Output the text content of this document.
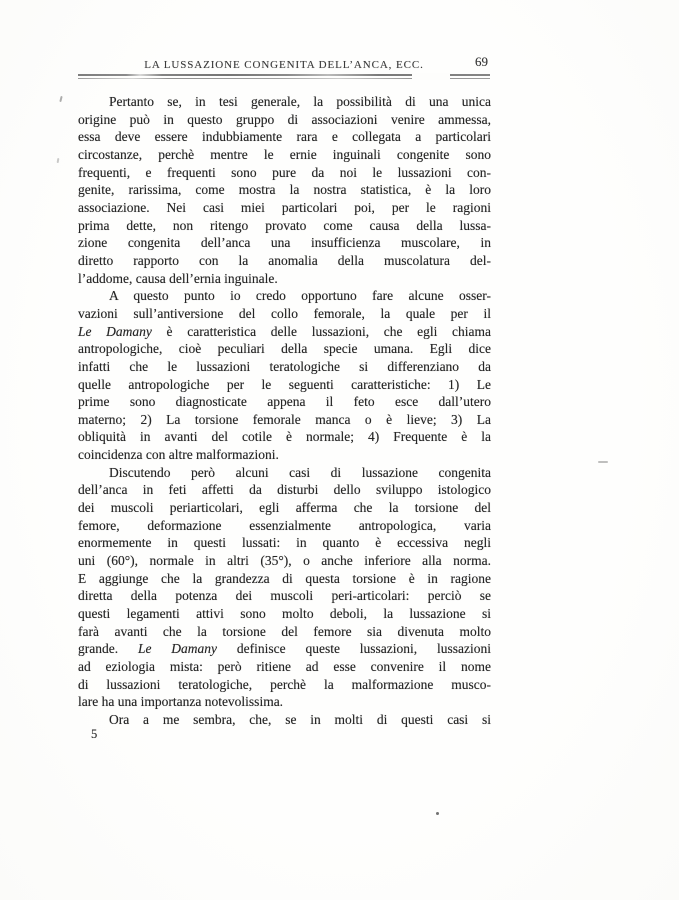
LA LUSSAZIONE CONGENITA DELL’ANCA, ECC.	69
Pertanto se, in tesi generale, la possibilità di una unica
origine può in questo gruppo di associazioni venire ammessa,
essa deve essere indubbiamente rara e collegata a particolari
circostanze, perchè mentre le ernie inguinali congenite sono
frequenti, e frequenti sono pure da noi le lussazioni con-
genite, rarissima, come mostra la nostra statistica, è la loro
associazione. Nei casi miei particolari poi, per le ragioni
prima dette, non ritengo provato come causa della lussa-
zione congenita dell’anca una insufficienza muscolare, in
diretto rapporto con la anomalia della muscolatura del-
l’addome, causa dell’ernia inguinale.
A questo punto io credo opportuno fare alcune osser-
vazioni sull’antiversione del collo femorale, la quale per il
Le Damany è caratteristica delle lussazioni, che egli chiama
antropologiche, cioè peculiari della specie umana. Egli dice
infatti che le lussazioni teratologiche si differenziano da
quelle antropologiche per le seguenti caratteristiche: 1) Le
prime sono diagnosticate appena il feto esce dall’utero
materno; 2) La torsione femorale manca o è lieve; 3) La
obliquità in avanti del cotile è normale; 4) Frequente è la
coincidenza con altre malformazioni.
Discutendo però alcuni casi di lussazione congenita
dell’anca in feti affetti da disturbi dello sviluppo istologico
dei muscoli periarticolari, egli afferma che la torsione del
femore, deformazione essenzialmente antropologica, varia
enormemente in questi lussati: in quanto è eccessiva negli
uni (60°), normale in altri (35°), o anche inferiore alla norma.
E aggiunge che la grandezza di questa torsione è in ragione
diretta della potenza dei muscoli peri-articolari: perciò se
questi legamenti attivi sono molto deboli, la lussazione si
farà avanti che la torsione del femore sia divenuta molto
grande. Le Damany definisce queste lussazioni, lussazioni
ad eziologia mista: però ritiene ad esse convenire il nome
di lussazioni teratologiche, perchè la malformazione musco-
lare ha una importanza notevolissima.
Ora a me sembra, che, se in molti di questi casi si
5
